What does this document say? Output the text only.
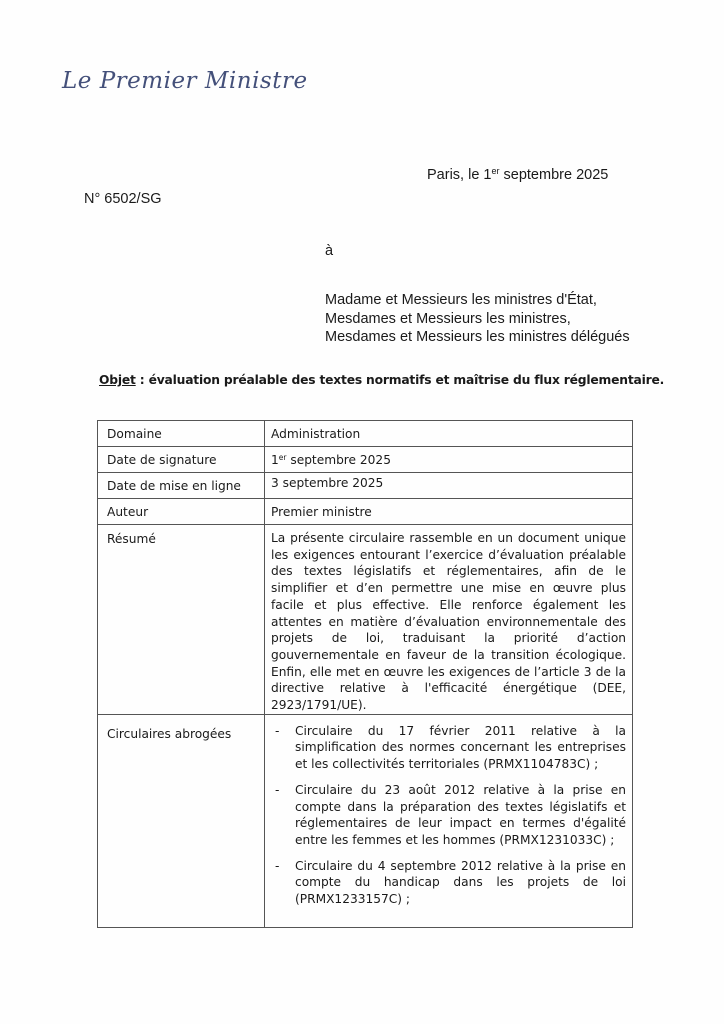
Le Premier Ministre
Paris, le 1er septembre 2025
N° 6502/SG
à
Madame et Messieurs les ministres d'État,
Mesdames et Messieurs les ministres,
Mesdames et Messieurs les ministres délégués
Objet : évaluation préalable des textes normatifs et maîtrise du flux réglementaire.
Domaine	Administration

Date de signature	1er septembre 2025

Date de mise en ligne	3 septembre 2025

Auteur	Premier ministre

Résumé	La présente circulaire rassemble en un document unique les exigences entourant l’exercice d’évaluation préalable des textes législatifs et réglementaires, afin de le simplifier et d’en permettre une mise en œuvre plus facile et plus effective. Elle renforce également les attentes en matière d’évaluation environnementale des projets de loi, traduisant la priorité d’action gouvernementale en faveur de la transition écologique. Enfin, elle met en œuvre les exigences de l’article 3 de la directive relative à l'efficacité énergétique (DEE, 2923/1791/UE).

Circulaires abrogées	- Circulaire du 17 février 2011 relative à la simplification des normes concernant les entreprises et les collectivités territoriales (PRMX1104783C) ;
- Circulaire du 23 août 2012 relative à la prise en compte dans la préparation des textes législatifs et réglementaires de leur impact en termes d'égalité entre les femmes et les hommes (PRMX1231033C) ;
- Circulaire du 4 septembre 2012 relative à la prise en compte du handicap dans les projets de loi (PRMX1233157C) ;
